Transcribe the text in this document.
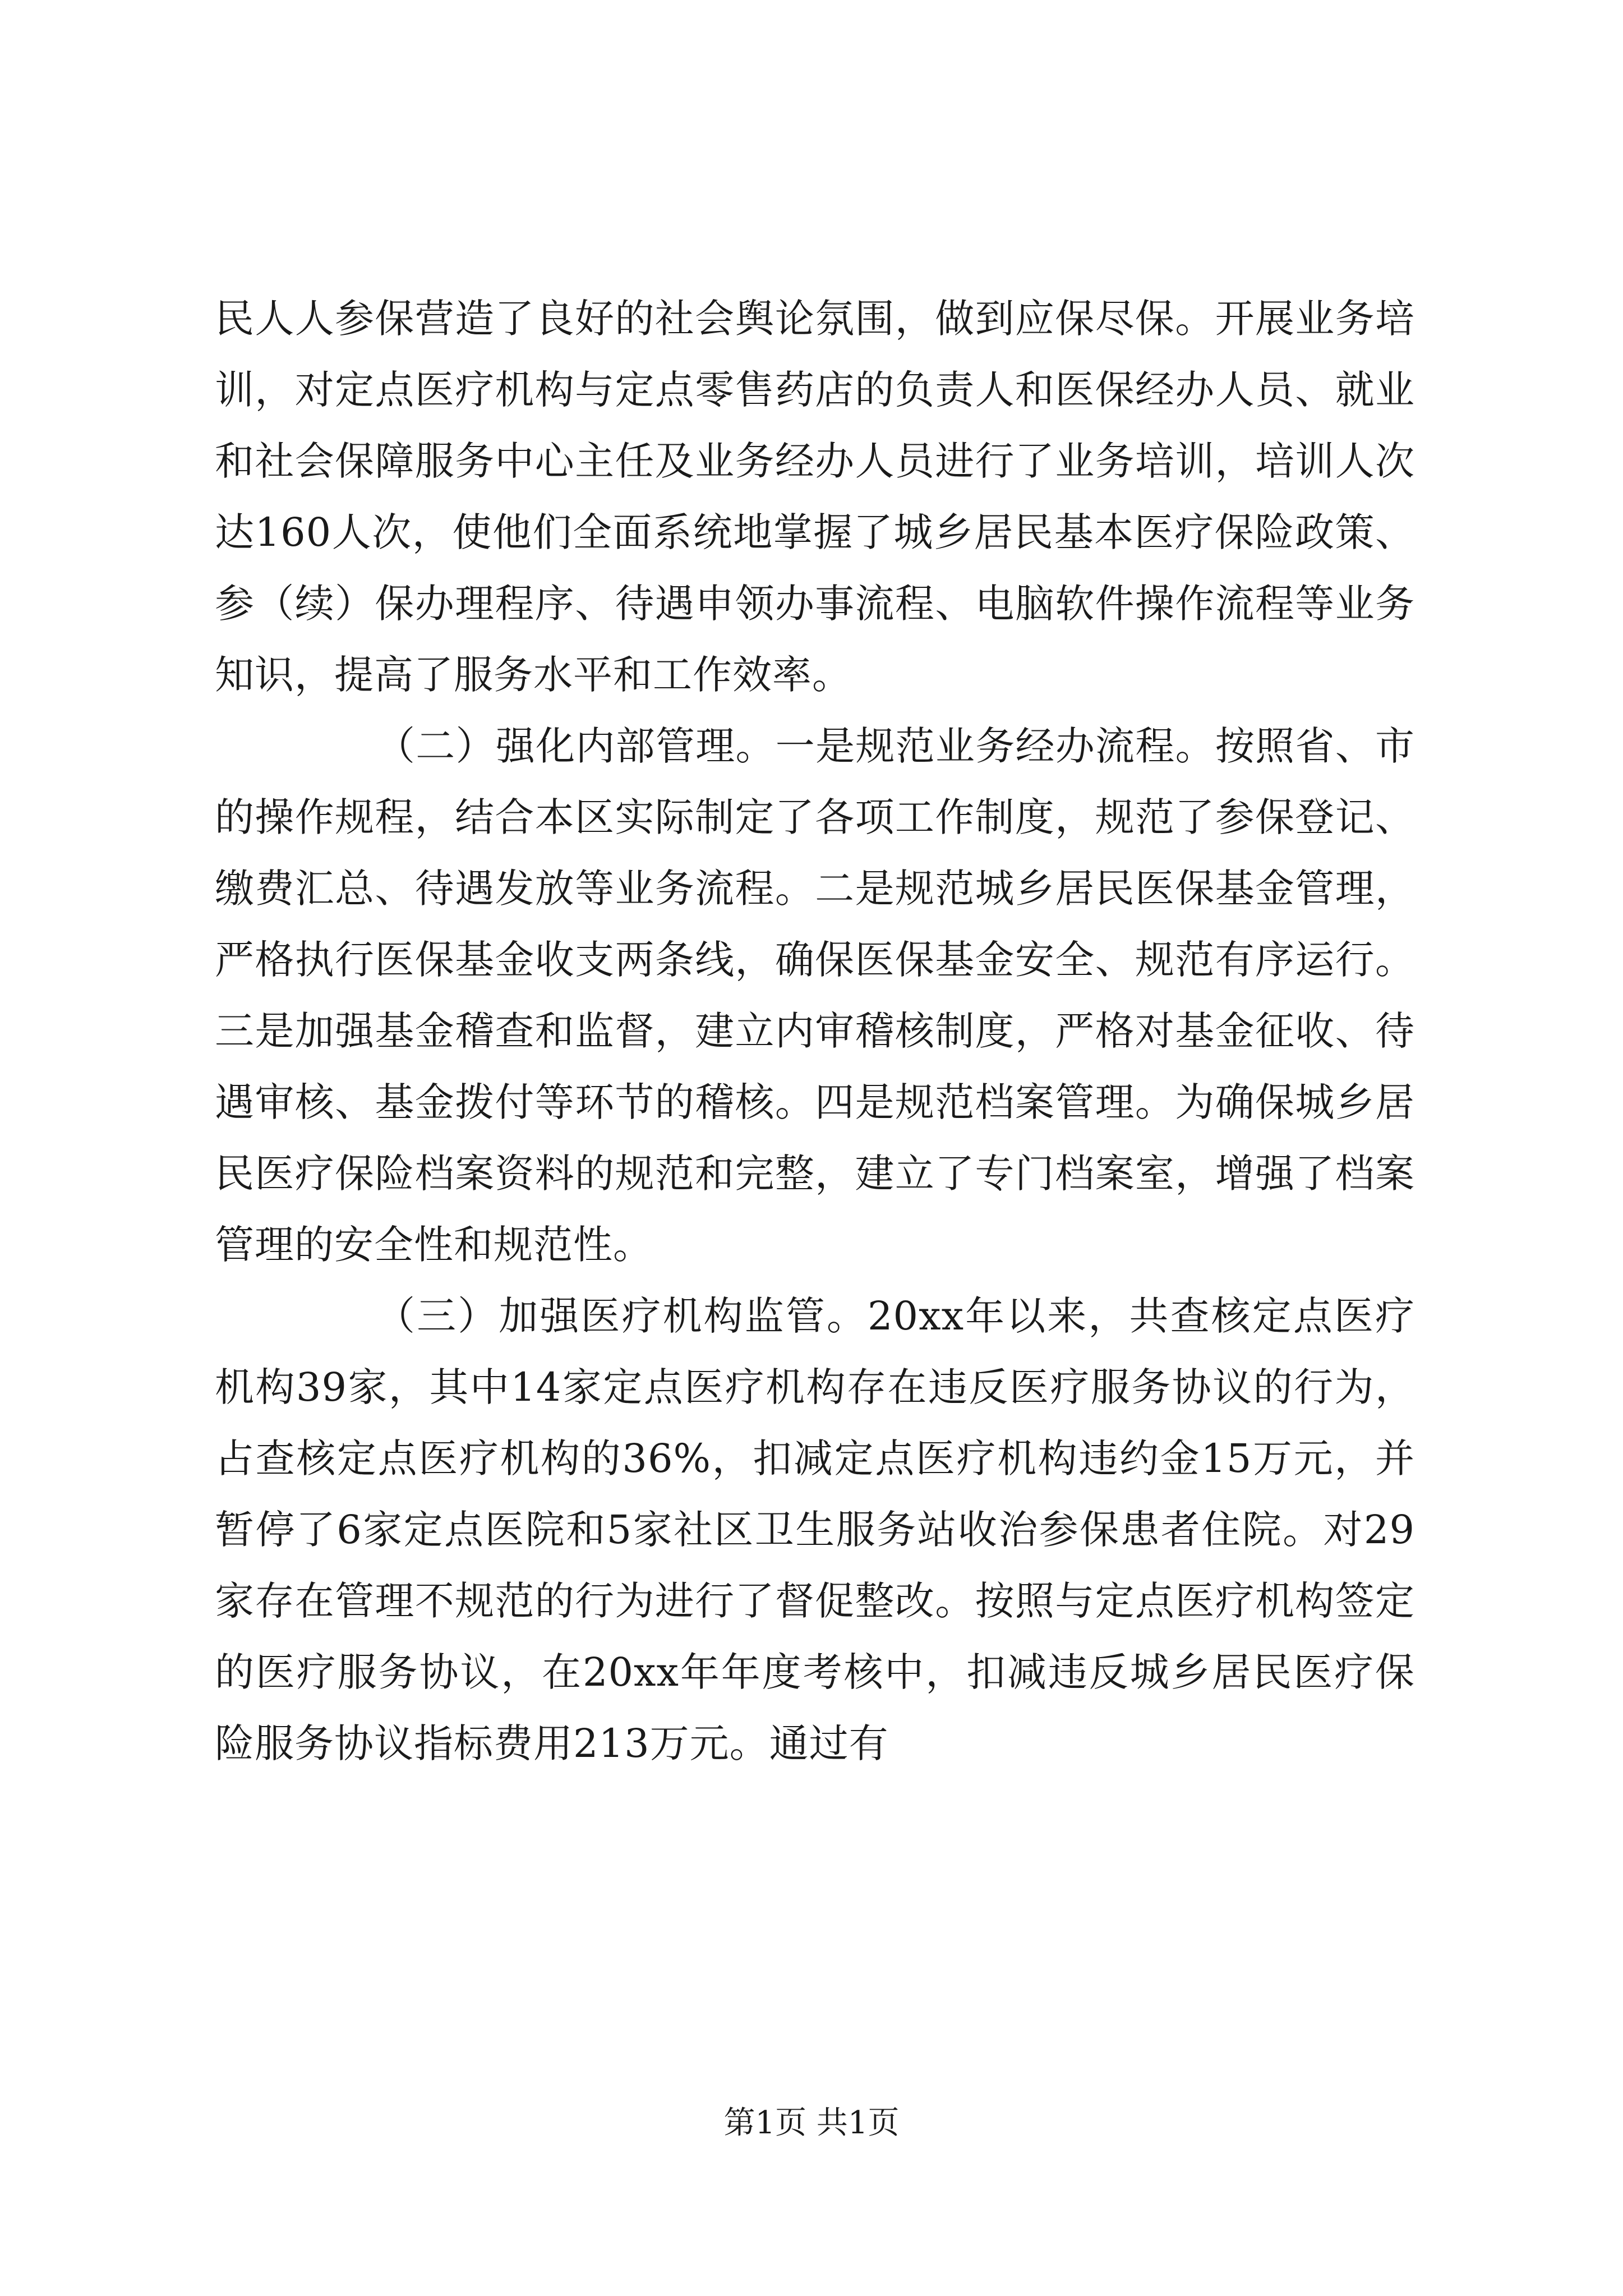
民人人参保营造了良好的社会舆论氛围，做到应保尽保。开展业务培训，对定点医疗机构与定点零售药店的负责人和医保经办人员、就业和社会保障服务中心主任及业务经办人员进行了业务培训，培训人次达160人次，使他们全面系统地掌握了城乡居民基本医疗保险政策、参（续）保办理程序、待遇申领办事流程、电脑软件操作流程等业务知识，提高了服务水平和工作效率。

（二）强化内部管理。一是规范业务经办流程。按照省、市的操作规程，结合本区实际制定了各项工作制度，规范了参保登记、缴费汇总、待遇发放等业务流程。二是规范城乡居民医保基金管理，严格执行医保基金收支两条线，确保医保基金安全、规范有序运行。三是加强基金稽查和监督，建立内审稽核制度，严格对基金征收、待遇审核、基金拨付等环节的稽核。四是规范档案管理。为确保城乡居民医疗保险档案资料的规范和完整，建立了专门档案室，增强了档案管理的安全性和规范性。

（三）加强医疗机构监管。20xx年以来，共查核定点医疗机构39家，其中14家定点医疗机构存在违反医疗服务协议的行为，占查核定点医疗机构的36%，扣减定点医疗机构违约金15万元，并暂停了6家定点医院和5家社区卫生服务站收治参保患者住院。对29家存在管理不规范的行为进行了督促整改。按照与定点医疗机构签定的医疗服务协议，在20xx年年度考核中，扣减违反城乡居民医疗保险服务协议指标费用213万元。通过有

第1页 共1页
